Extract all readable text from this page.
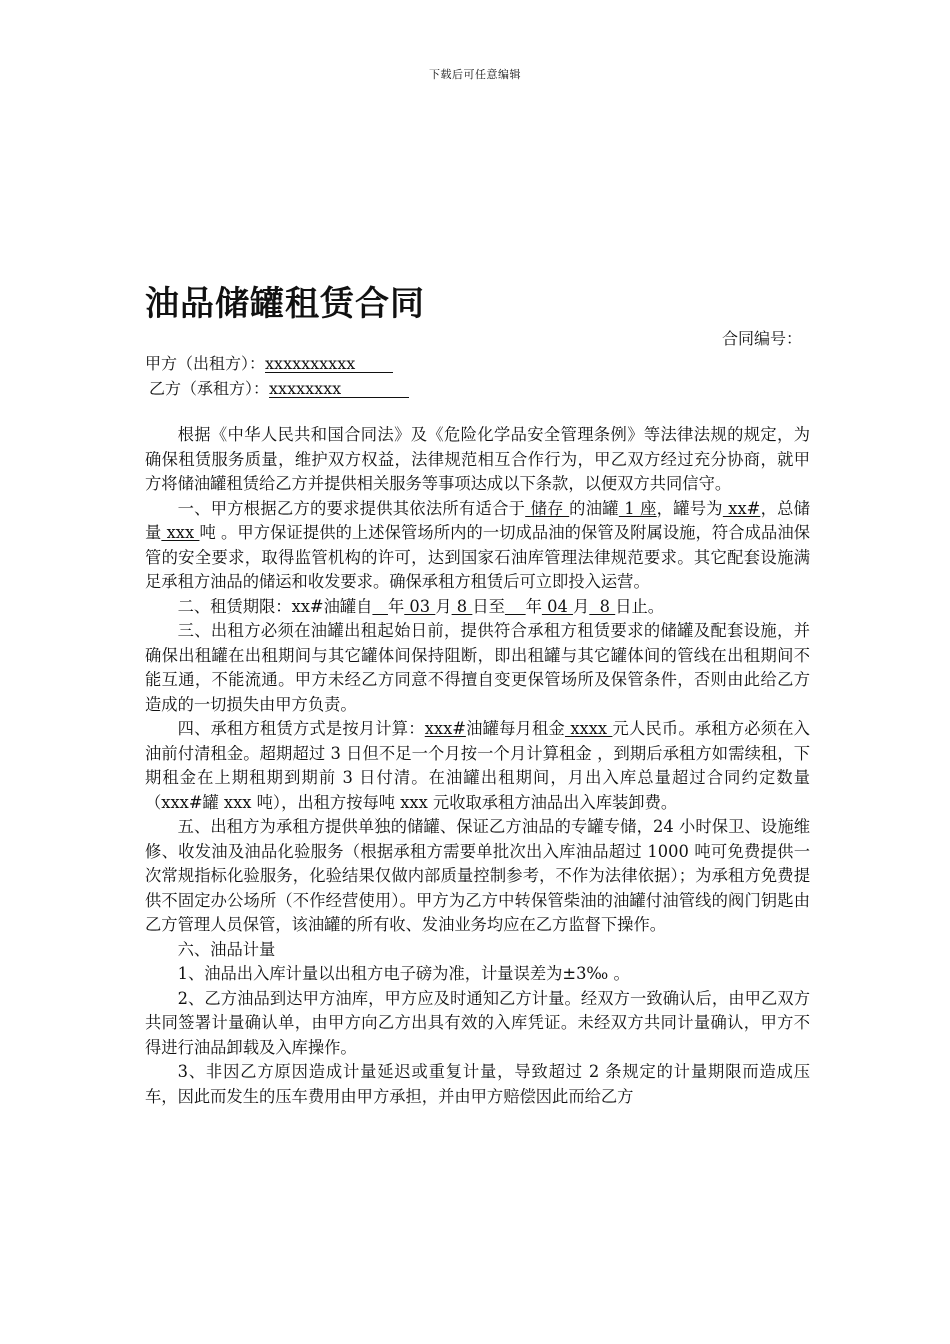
下载后可任意编辑
油品储罐租赁合同
合同编号：
甲方（出租方）：xxxxxxxxxx
乙方（承租方）：xxxxxxxx

根据《中华人民共和国合同法》及《危险化学品安全管理条例》等法律法规的规定，为确保租赁服务质量，维护双方权益，法律规范相互合作行为，甲乙双方经过充分协商，就甲方将储油罐租赁给乙方并提供相关服务等事项达成以下条款，以便双方共同信守。

一、甲方根据乙方的要求提供其依法所有适合于 储存 的油罐 1 座，罐号为 xx#，总储量 xxx 吨 。甲方保证提供的上述保管场所内的一切成品油的保管及附属设施，符合成品油保管的安全要求，取得监管机构的许可，达到国家石油库管理法律规范要求。其它配套设施满足承租方油品的储运和收发要求。确保承租方租赁后可立即投入运营。

二、租赁期限：xx#油罐自 年 03 月 8 日至 年 04 月  8 日止。

三、出租方必须在油罐出租起始日前，提供符合承租方租赁要求的储罐及配套设施，并确保出租罐在出租期间与其它罐体间保持阻断，即出租罐与其它罐体间的管线在出租期间不能互通，不能流通。甲方未经乙方同意不得擅自变更保管场所及保管条件，否则由此给乙方造成的一切损失由甲方负责。

四、承租方租赁方式是按月计算：xxx#油罐每月租金 xxxx 元人民币。承租方必须在入油前付清租金。超期超过 3 日但不足一个月按一个月计算租金 ，到期后承租方如需续租，下期租金在上期租期到期前 3 日付清。在油罐出租期间，月出入库总量超过合同约定数量（xxx#罐 xxx 吨），出租方按每吨 xxx 元收取承租方油品出入库装卸费。

五、出租方为承租方提供单独的储罐、保证乙方油品的专罐专储，24 小时保卫、设施维修、收发油及油品化验服务（根据承租方需要单批次出入库油品超过 1000 吨可免费提供一次常规指标化验服务，化验结果仅做内部质量控制参考，不作为法律依据）；为承租方免费提供不固定办公场所（不作经营使用）。甲方为乙方中转保管柴油的油罐付油管线的阀门钥匙由乙方管理人员保管，该油罐的所有收、发油业务均应在乙方监督下操作。

六、油品计量

1、油品出入库计量以出租方电子磅为准，计量误差为±3‰ 。

2、乙方油品到达甲方油库，甲方应及时通知乙方计量。经双方一致确认后，由甲乙双方共同签署计量确认单，由甲方向乙方出具有效的入库凭证。未经双方共同计量确认，甲方不得进行油品卸载及入库操作。

3、非因乙方原因造成计量延迟或重复计量，导致超过 2 条规定的计量期限而造成压车，因此而发生的压车费用由甲方承担，并由甲方赔偿因此而给乙方
